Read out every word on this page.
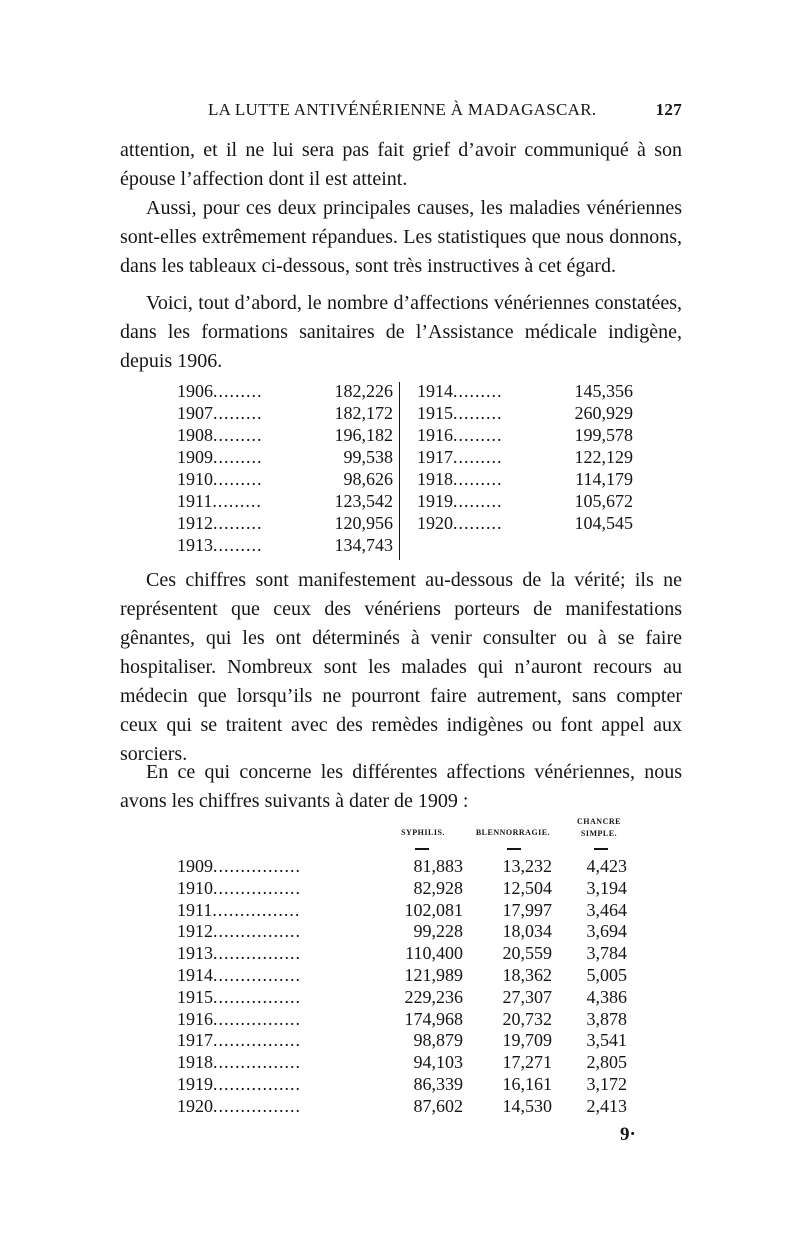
LA LUTTE ANTIVÉNÉRIENNE À MADAGASCAR.	127

attention, et il ne lui sera pas fait grief d’avoir communiqué à son épouse l’affection dont il est atteint.

Aussi, pour ces deux principales causes, les maladies vénériennes sont-elles extrêmement répandues. Les statistiques que nous donnons, dans les tableaux ci-dessous, sont très instructives à cet égard.

Voici, tout d’abord, le nombre d’affections vénériennes constatées, dans les formations sanitaires de l’Assistance médicale indigène, depuis 1906.

1906 .....	182,226
1907 .....	182,172
1908 .....	196,182
1909 .....	99,538
1910 .....	98,626
1911 .....	123,542
1912 .....	120,956
1913 .....	134,743
1914 .....	145,356
1915 .....	260,929
1916 .....	199,578
1917 .....	122,129
1918 .....	114,179
1919 .....	105,672
1920 .....	104,545

Ces chiffres sont manifestement au-dessous de la vérité; ils ne représentent que ceux des vénériens porteurs de manifestations gênantes, qui les ont déterminés à venir consulter ou à se faire hospitaliser. Nombreux sont les malades qui n’auront recours au médecin que lorsqu’ils ne pourront faire autrement, sans compter ceux qui se traitent avec des remèdes indigènes ou font appel aux sorciers.

En ce qui concerne les différentes affections vénériennes, nous avons les chiffres suivants à dater de 1909 :

SYPHILIS.	BLENNORRAGIE.
CHANCRE
SIMPLE.
1909 .....	81,883	13,232	4,423
1910 .....	82,928	12,504	3,194
1911 .....	102,081	17,997	3,464
1912 .....	99,228	18,034	3,694
1913 .....	110,400	20,559	3,784
1914 .....	121,989	18,362	5,005
1915 .....	229,236	27,307	4,386
1916 .....	174,968	20,732	3,878
1917 .....	98,879	19,709	3,541
1918 .....	94,103	17,271	2,805
1919 .....	86,339	16,161	3,172
1920 .....	87,602	14,530	2,413
9·
